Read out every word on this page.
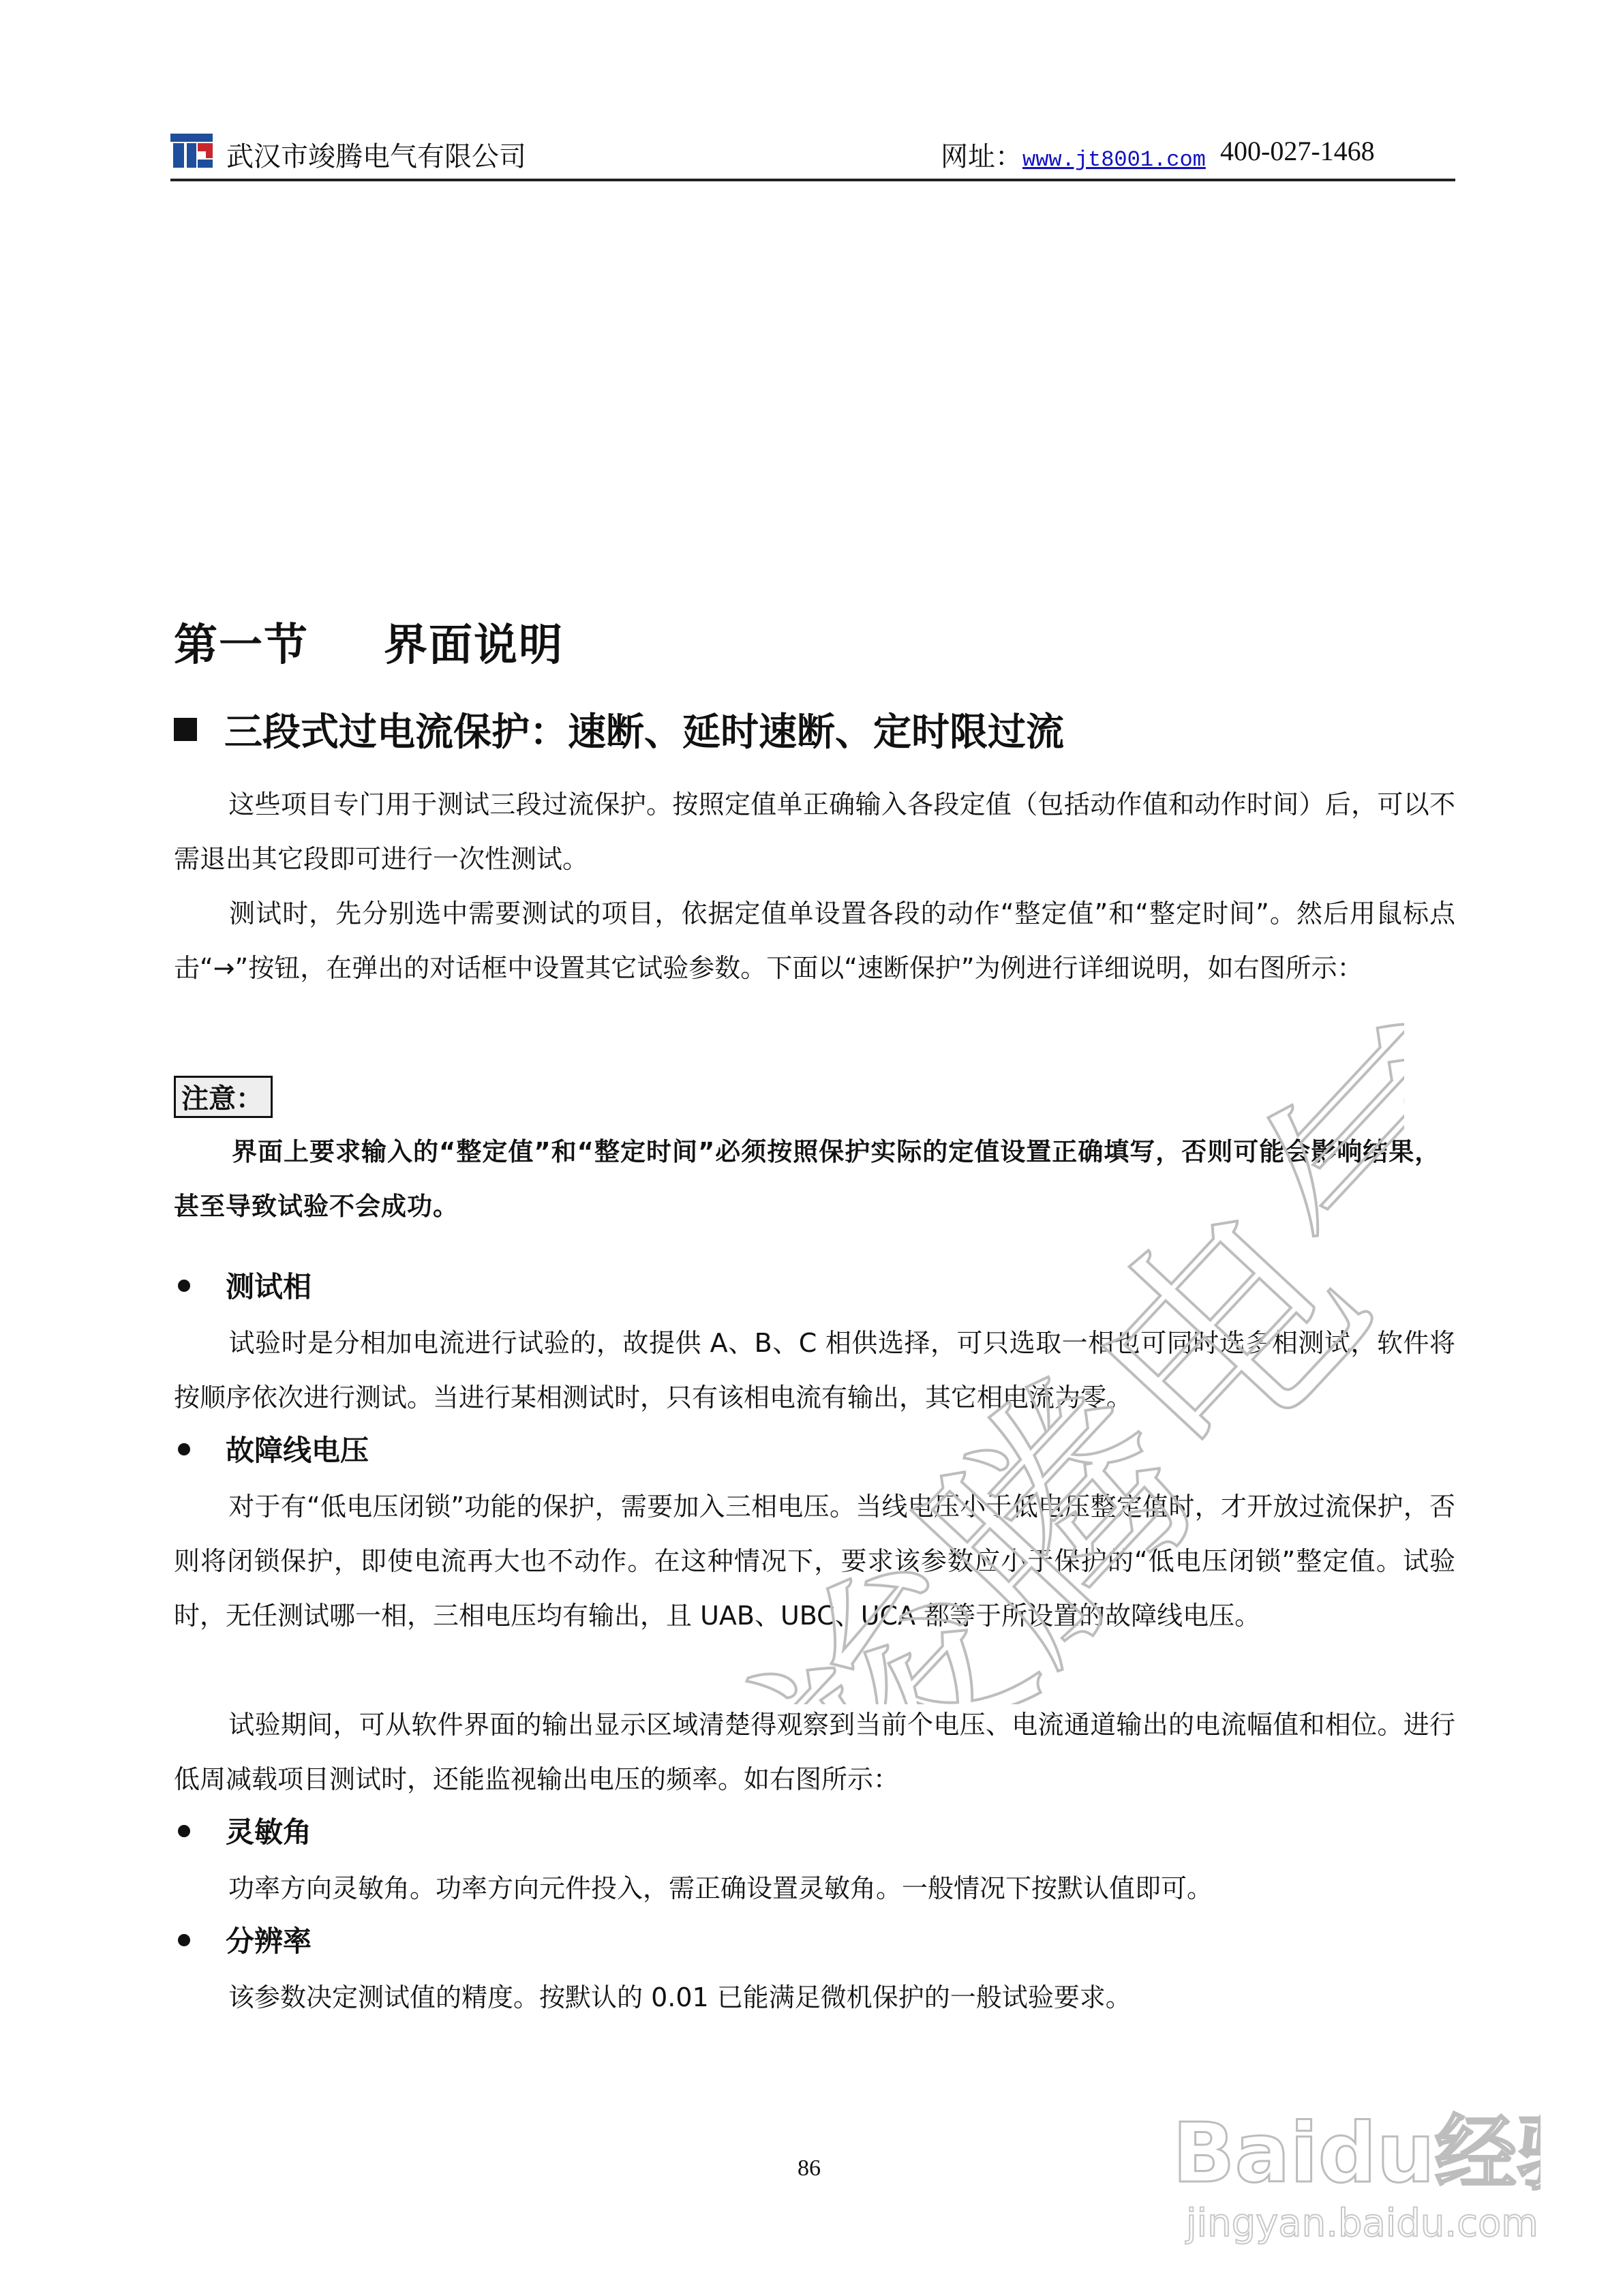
武汉市竣腾电气有限公司	网址：www.jt8001.com 400-027-1468
第一节 界面说明
三段式过电流保护：速断、延时速断、定时限过流

这些项目专门用于测试三段过流保护。按照定值单正确输入各段定值（包括动作值和动作时间）后，可以不需退出其它段即可进行一次性测试。

测试时，先分别选中需要测试的项目，依据定值单设置各段的动作“整定值”和“整定时间”。然后用鼠标点击“→”按钮，在弹出的对话框中设置其它试验参数。下面以“速断保护”为例进行详细说明，如右图所示：

注意：

界面上要求输入的“整定值”和“整定时间”必须按照保护实际的定值设置正确填写，否则可能会影响结果，甚至导致试验不会成功。

测试相

试验时是分相加电流进行试验的，故提供 A、B、C 相供选择，可只选取一相也可同时选多相测试，软件将按顺序依次进行测试。当进行某相测试时，只有该相电流有输出，其它相电流为零。

故障线电压

对于有“低电压闭锁”功能的保护，需要加入三相电压。当线电压小于低电压整定值时，才开放过流保护，否则将闭锁保护，即使电流再大也不动作。在这种情况下，要求该参数应小于保护的“低电压闭锁”整定值。试验时，无任测试哪一相，三相电压均有输出，且 UAB、UBC、UCA 都等于所设置的故障线电压。

试验期间，可从软件界面的输出显示区域清楚得观察到当前个电压、电流通道输出的电流幅值和相位。进行低周减载项目测试时，还能监视输出电压的频率。如右图所示：

灵敏角

功率方向灵敏角。功率方向元件投入，需正确设置灵敏角。一般情况下按默认值即可。

分辨率

该参数决定测试值的精度。按默认的 0.01 已能满足微机保护的一般试验要求。

86
竣腾电气
Baidu经
jingyan.baidu.com
